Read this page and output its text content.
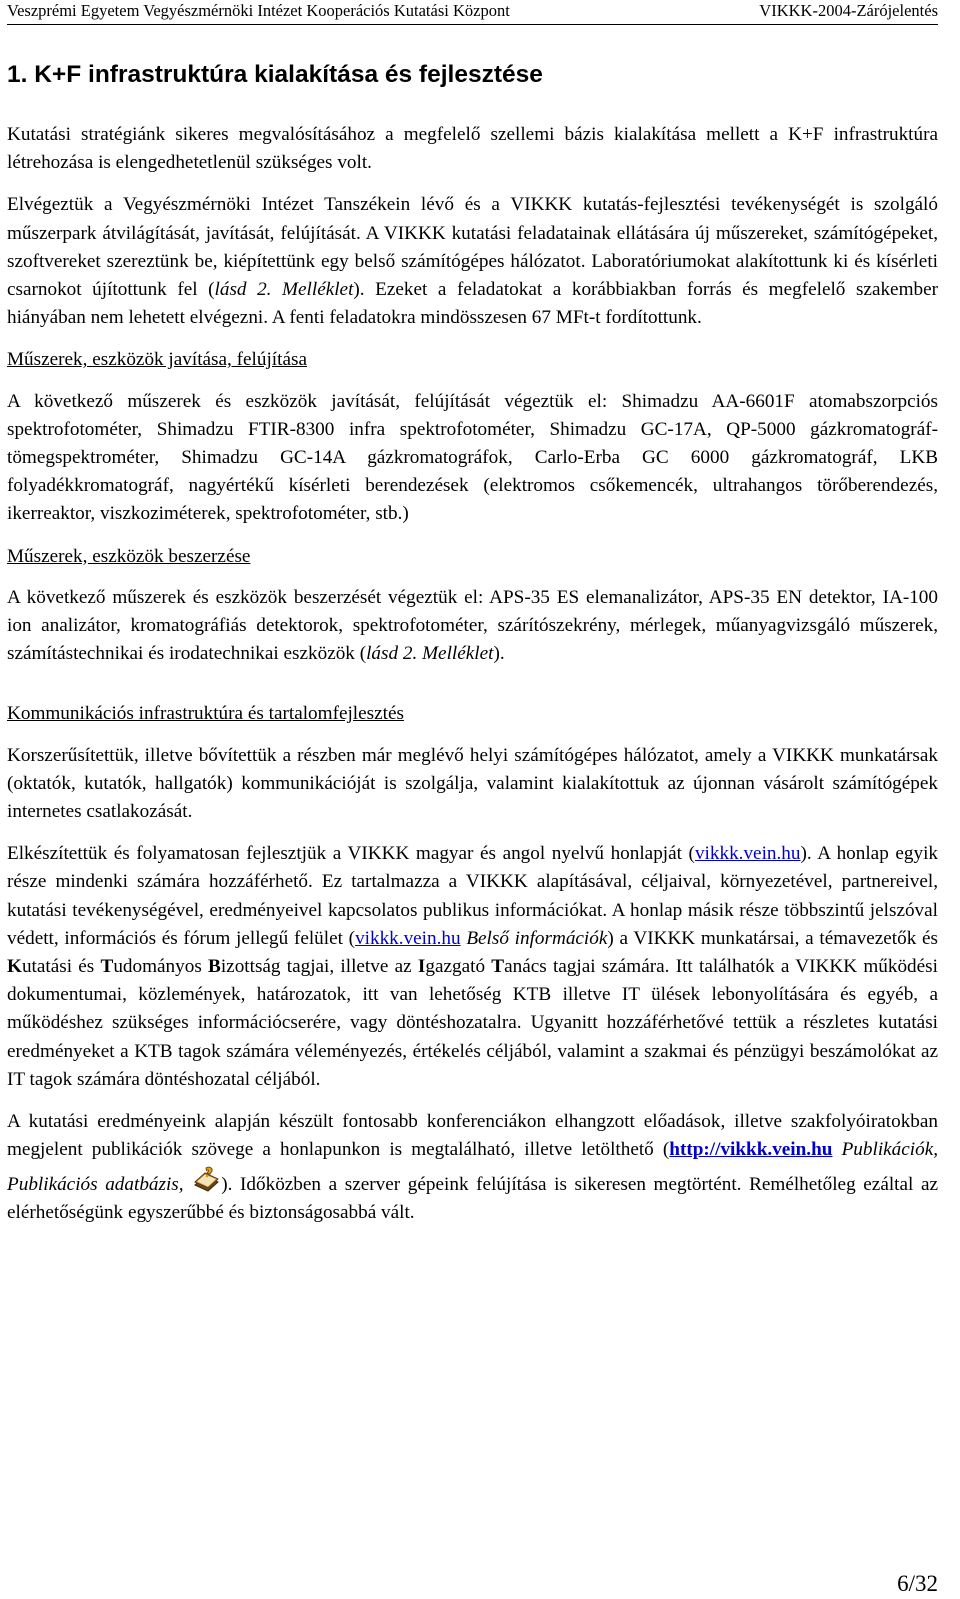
Veszprémi Egyetem Vegyészmérnöki Intézet Kooperációs Kutatási Központ	VIKKK-2004-Zárójelentés
1. K+F infrastruktúra kialakítása és fejlesztése

Kutatási stratégiánk sikeres megvalósításához a megfelelő szellemi bázis kialakítása mellett a K+F infrastruktúra létrehozása is elengedhetetlenül szükséges volt.

Elvégeztük a Vegyészmérnöki Intézet Tanszékein lévő és a VIKKK kutatás-fejlesztési tevékenységét is szolgáló műszerpark átvilágítását, javítását, felújítását. A VIKKK kutatási feladatainak ellátására új műszereket, számítógépeket, szoftvereket szereztünk be, kiépítettünk egy belső számítógépes hálózatot. Laboratóriumokat alakítottunk ki és kísérleti csarnokot újítottunk fel (lásd 2. Melléklet). Ezeket a feladatokat a korábbiakban forrás és megfelelő szakember hiányában nem lehetett elvégezni. A fenti feladatokra mindösszesen 67 MFt-t fordítottunk.

Műszerek, eszközök javítása, felújítása

A következő műszerek és eszközök javítását, felújítását végeztük el: Shimadzu AA-6601F atomabszorpciós spektrofotométer, Shimadzu FTIR-8300 infra spektrofotométer, Shimadzu GC-17A, QP-5000 gázkromatográf-tömegspektrométer, Shimadzu GC-14A gázkromatográfok, Carlo-Erba GC 6000 gázkromatográf, LKB folyadékkromatográf, nagyértékű kísérleti berendezések (elektromos csőkemencék, ultrahangos törőberendezés, ikerreaktor, viszkoziméterek, spektrofotométer, stb.)

Műszerek, eszközök beszerzése

A következő műszerek és eszközök beszerzését végeztük el: APS-35 ES elemanalizátor, APS-35 EN detektor, IA-100 ion analizátor, kromatográfiás detektorok, spektrofotométer, szárítószekrény, mérlegek, műanyagvizsgáló műszerek, számítástechnikai és irodatechnikai eszközök (lásd 2. Melléklet).

Kommunikációs infrastruktúra és tartalomfejlesztés

Korszerűsítettük, illetve bővítettük a részben már meglévő helyi számítógépes hálózatot, amely a VIKKK munkatársak (oktatók, kutatók, hallgatók) kommunikációját is szolgálja, valamint kialakítottuk az újonnan vásárolt számítógépek internetes csatlakozását.

Elkészítettük és folyamatosan fejlesztjük a VIKKK magyar és angol nyelvű honlapját (vikkk.vein.hu). A honlap egyik része mindenki számára hozzáférhető. Ez tartalmazza a VIKKK alapításával, céljaival, környezetével, partnereivel, kutatási tevékenységével, eredményeivel kapcsolatos publikus információkat. A honlap másik része többszintű jelszóval védett, információs és fórum jellegű felület (vikkk.vein.hu Belső információk) a VIKKK munkatársai, a témavezetők és Kutatási és Tudományos Bizottság tagjai, illetve az Igazgató Tanács tagjai számára. Itt találhatók a VIKKK működési dokumentumai, közlemények, határozatok, itt van lehetőség KTB illetve IT ülések lebonyolítására és egyéb, a működéshez szükséges információcserére, vagy döntéshozatalra. Ugyanitt hozzáférhetővé tettük a részletes kutatási eredményeket a KTB tagok számára véleményezés, értékelés céljából, valamint a szakmai és pénzügyi beszámolókat az IT tagok számára döntéshozatal céljából.

A kutatási eredményeink alapján készült fontosabb konferenciákon elhangzott előadások, illetve szakfolyóiratokban megjelent publikációk szövege a honlapunkon is megtalálható, illetve letölthető (http://vikkk.vein.hu Publikációk, Publikációs adatbázis, ). Időközben a szerver gépeink felújítása is sikeresen megtörtént. Remélhetőleg ezáltal az elérhetőségünk egyszerűbbé és biztonságosabbá vált.

6/32
